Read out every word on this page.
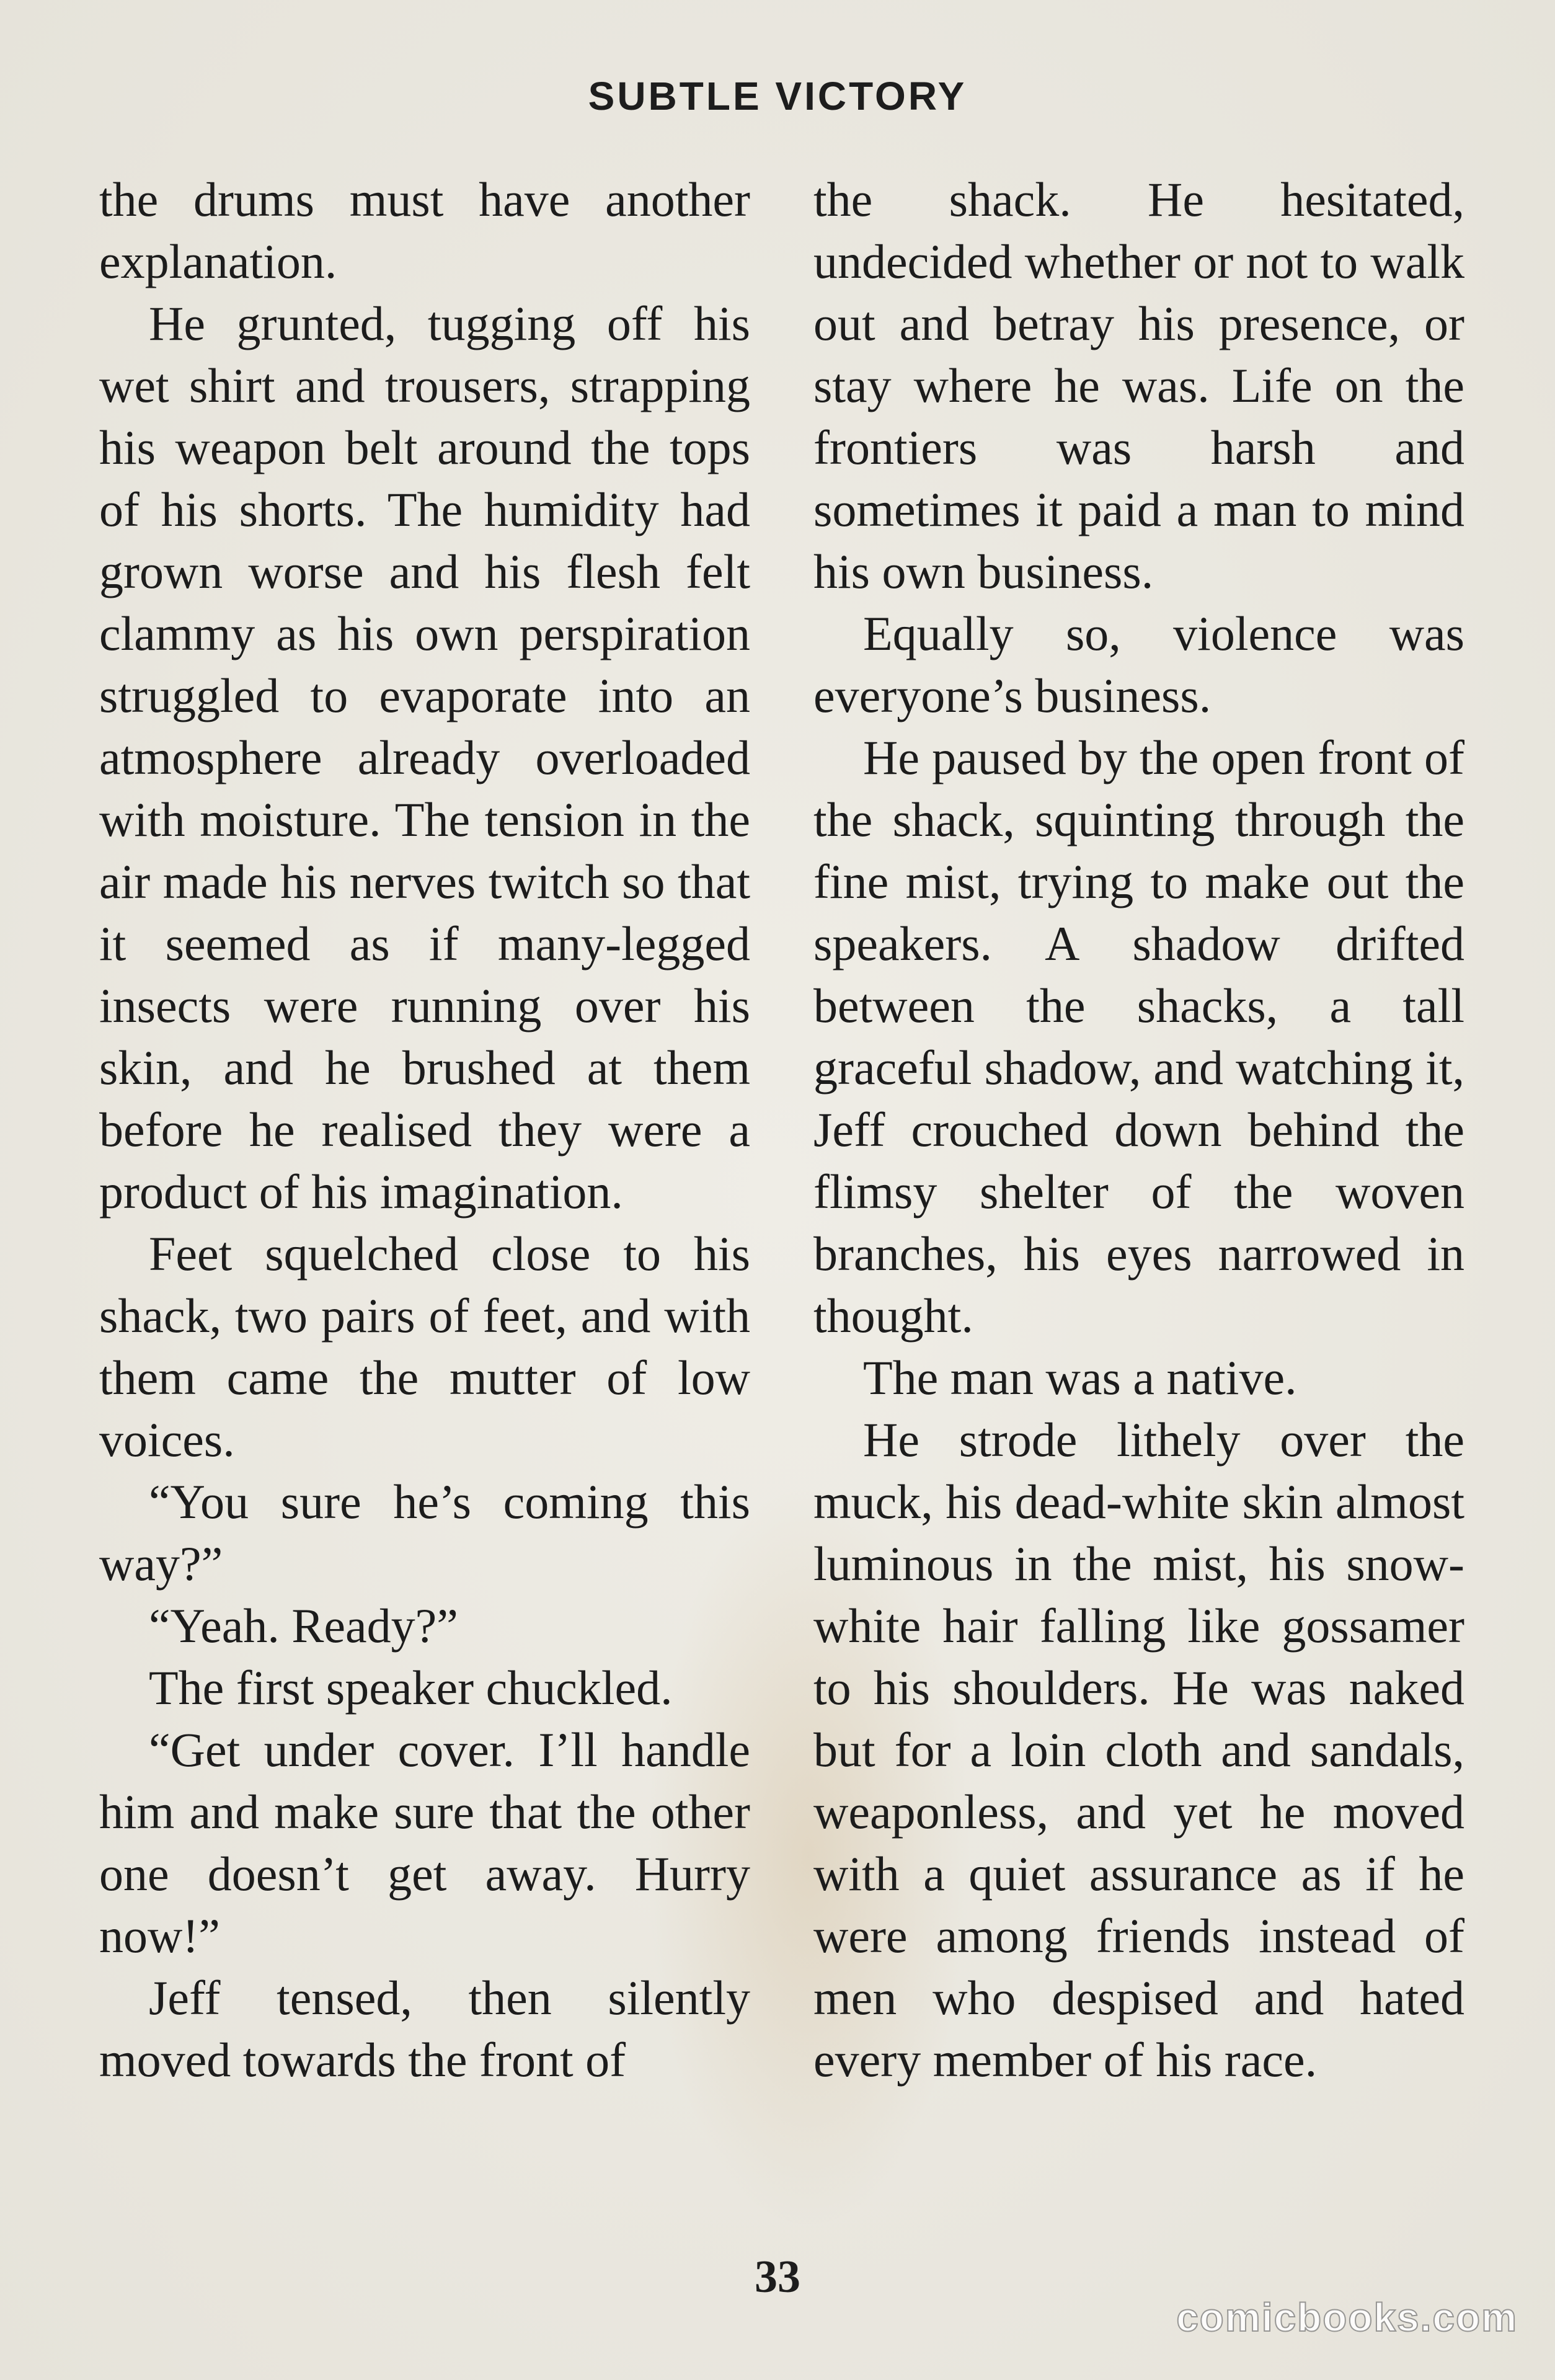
SUBTLE VICTORY

the drums must have another explanation.

He grunted, tugging off his wet shirt and trousers, strapping his weapon belt around the tops of his shorts. The humidity had grown worse and his flesh felt clammy as his own perspiration struggled to evaporate into an atmosphere already overloaded with moisture. The tension in the air made his nerves twitch so that it seemed as if many-legged insects were running over his skin, and he brushed at them before he realised they were a product of his imagination.

Feet squelched close to his shack, two pairs of feet, and with them came the mutter of low voices.

“You sure he’s coming this way?”

“Yeah. Ready?”

The first speaker chuckled.

“Get under cover. I’ll handle him and make sure that the other one doesn’t get away. Hurry now!”

Jeff tensed, then silently moved towards the front of

the shack. He hesitated, undecided whether or not to walk out and betray his presence, or stay where he was. Life on the frontiers was harsh and sometimes it paid a man to mind his own business.

Equally so, violence was everyone’s business.

He paused by the open front of the shack, squinting through the fine mist, trying to make out the speakers. A shadow drifted between the shacks, a tall graceful shadow, and watching it, Jeff crouched down behind the flimsy shelter of the woven branches, his eyes narrowed in thought.

The man was a native.

He strode lithely over the muck, his dead-white skin almost luminous in the mist, his snow-white hair falling like gossamer to his shoulders. He was naked but for a loin cloth and sandals, weaponless, and yet he moved with a quiet assurance as if he were among friends instead of men who despised and hated every member of his race.

33
comicbooks.com
